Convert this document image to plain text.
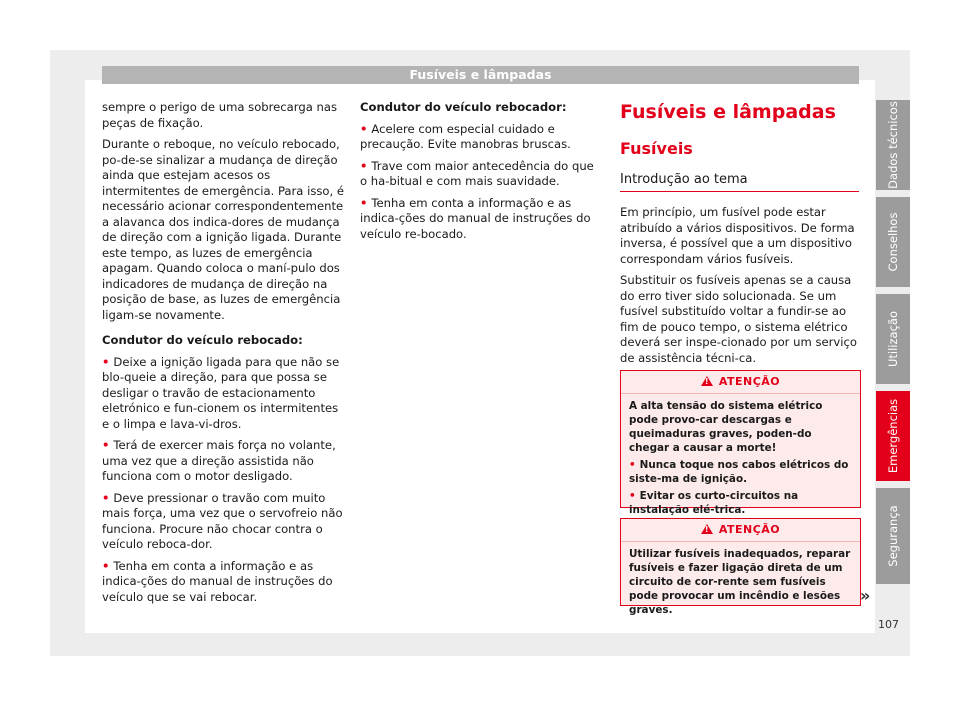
Fusíveis e lâmpadas

sempre o perigo de uma sobrecarga nas peças de fixação.

Durante o reboque, no veículo rebocado, po-de-se sinalizar a mudança de direção ainda que estejam acesos os intermitentes de emergência. Para isso, é necessário acionar correspondentemente a alavanca dos indica-dores de mudança de direção com a ignição ligada. Durante este tempo, as luzes de emergência apagam. Quando coloca o maní-pulo dos indicadores de mudança de direção na posição de base, as luzes de emergência ligam-se novamente.

Condutor do veículo rebocado:

• Deixe a ignição ligada para que não se blo-queie a direção, para que possa se desligar o travão de estacionamento eletrónico e fun-cionem os intermitentes e o limpa e lava-vi-dros.

• Terá de exercer mais força no volante, uma vez que a direção assistida não funciona com o motor desligado.

• Deve pressionar o travão com muito mais força, uma vez que o servofreio não funciona. Procure não chocar contra o veículo reboca-dor.

• Tenha em conta a informação e as indica-ções do manual de instruções do veículo que se vai rebocar.

Condutor do veículo rebocador:

• Acelere com especial cuidado e precaução. Evite manobras bruscas.

• Trave com maior antecedência do que o ha-bitual e com mais suavidade.

• Tenha em conta a informação e as indica-ções do manual de instruções do veículo re-bocado.

Fusíveis e lâmpadas
Fusíveis
Introdução ao tema

Em princípio, um fusível pode estar atribuído a vários dispositivos. De forma inversa, é possível que a um dispositivo correspondam vários fusíveis.

Substituir os fusíveis apenas se a causa do erro tiver sido solucionada. Se um fusível substituído voltar a fundir-se ao fim de pouco tempo, o sistema elétrico deverá ser inspe-cionado por um serviço de assistência técni-ca.

!ATENÇÃO

A alta tensão do sistema elétrico pode provo-car descargas e queimaduras graves, poden-do chegar a causar a morte!

• Nunca toque nos cabos elétricos do siste-ma de ignição.

• Evitar os curto-circuitos na instalação elé-trica.

!ATENÇÃO

Utilizar fusíveis inadequados, reparar fusíveis e fazer ligação direta de um circuito de cor-rente sem fusíveis pode provocar um incêndio e lesões graves.

»
107
Dados técnicos
Conselhos
Utilização
Emergências
Segurança
